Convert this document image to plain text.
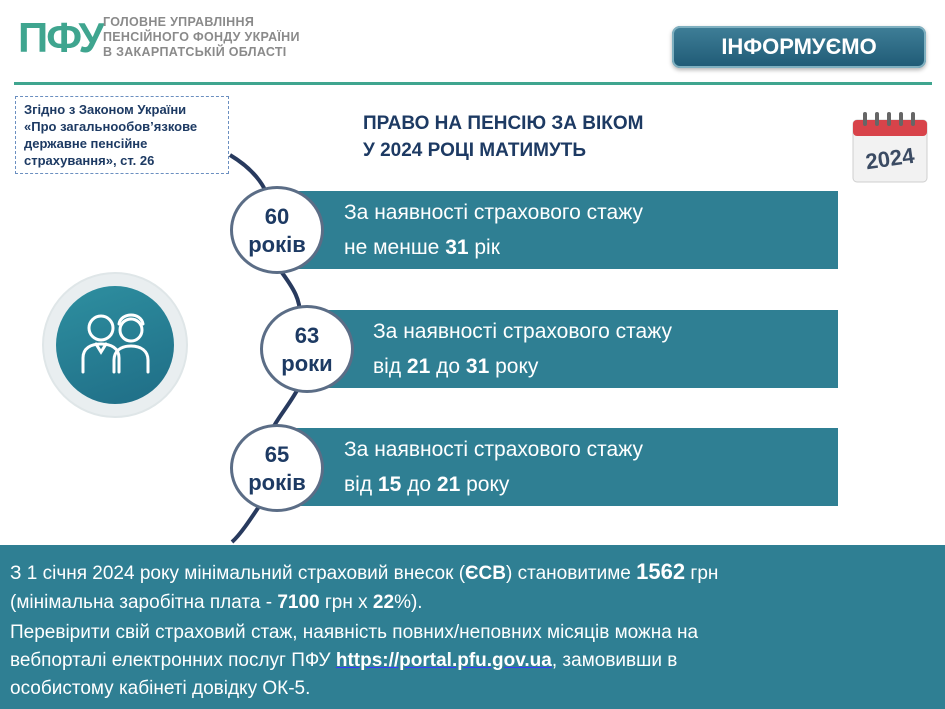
ПФУ ГОЛОВНЕ УПРАВЛІННЯ
ПЕНСІЙНОГО ФОНДУ УКРАЇНИ
В ЗАКАРПАТСЬКІЙ ОБЛАСТІ	ІНФОРМУЄМО
Згідно з Законом України
«Про загальнообов’язкове
державне пенсійне
страхування», ст. 26
ПРАВО НА ПЕНСІЮ ЗА ВІКОМ
У 2024 РОЦІ МАТИМУТЬ	2024
За наявності страхового стажу
не менше 31 рік
60
років
За наявності страхового стажу
від 21 до 31 року
63
роки
За наявності страхового стажу
від 15 до 21 року
65
років
З 1 січня 2024 року мінімальний страховий внесок (ЄСВ) становитиме 1562 грн
(мінімальна заробітна плата - 7100 грн х 22%).
Перевірити свій страховий стаж, наявність повних/неповних місяців можна на
вебпорталі електронних послуг ПФУ https://portal.pfu.gov.ua, замовивши в
особистому кабінеті довідку ОК-5.
